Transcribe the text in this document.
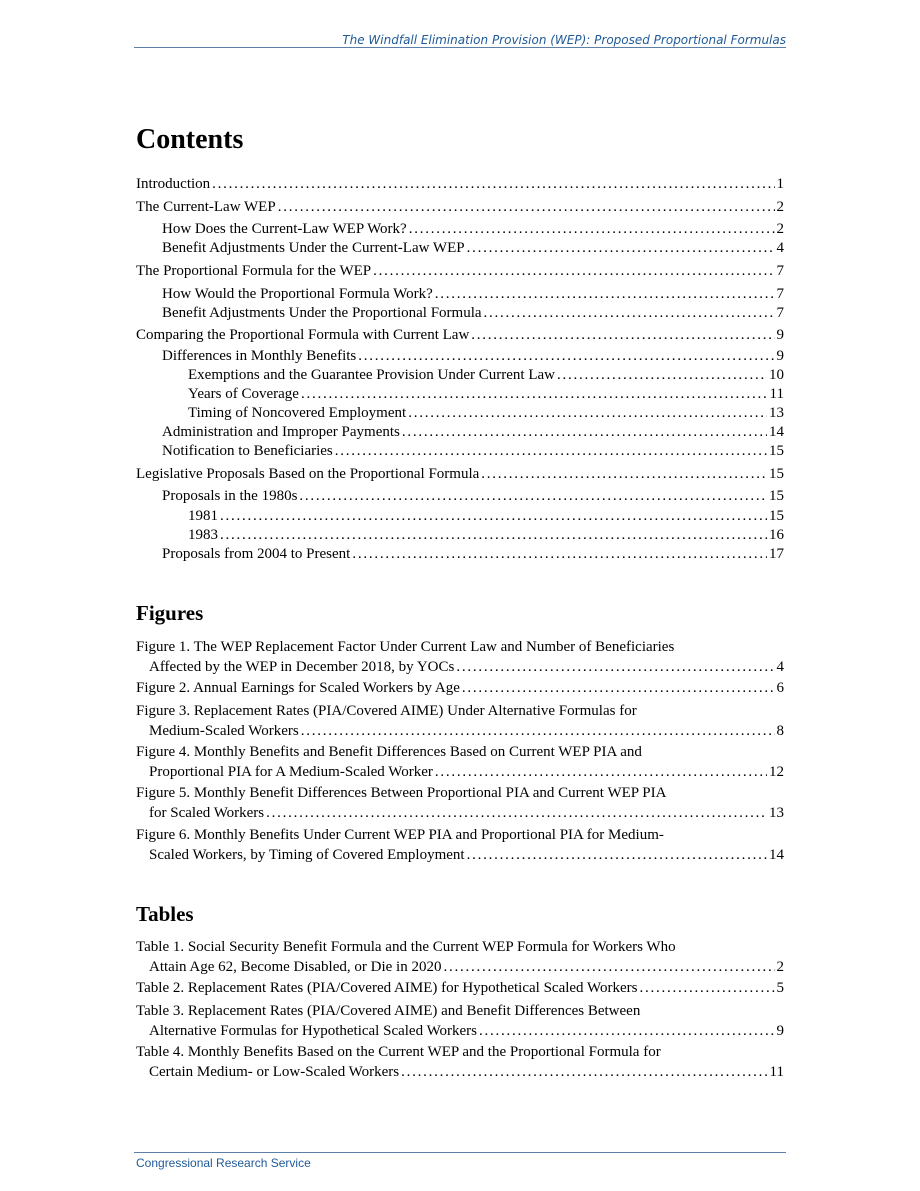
The Windfall Elimination Provision (WEP): Proposed Proportional Formulas
Contents
Introduction . . .	1
The Current-Law WEP . . .	2
How Does the Current-Law WEP Work? . . .	2
Benefit Adjustments Under the Current-Law WEP . . .	4
The Proportional Formula for the WEP . . .	7
How Would the Proportional Formula Work? . . .	7
Benefit Adjustments Under the Proportional Formula . . .	7
Comparing the Proportional Formula with Current Law . . .	9
Differences in Monthly Benefits . . .	9
Exemptions and the Guarantee Provision Under Current Law . . .	10
Years of Coverage . . .	11
Timing of Noncovered Employment . . .	13
Administration and Improper Payments . . .	14
Notification to Beneficiaries . . .	15
Legislative Proposals Based on the Proportional Formula . . .	15
Proposals in the 1980s . . .	15
1981 . . .	15
1983 . . .	16
Proposals from 2004 to Present . . .	17
Figures
Figure 1. The WEP Replacement Factor Under Current Law and Number of Beneficiaries
Affected by the WEP in December 2018, by YOCs . . .	4
Figure 2. Annual Earnings for Scaled Workers by Age . . .	6
Figure 3. Replacement Rates (PIA/Covered AIME) Under Alternative Formulas for
Medium-Scaled Workers . . .	8
Figure 4. Monthly Benefits and Benefit Differences Based on Current WEP PIA and
Proportional PIA for A Medium-Scaled Worker . . .	12
Figure 5. Monthly Benefit Differences Between Proportional PIA and Current WEP PIA
for Scaled Workers . . .	13
Figure 6. Monthly Benefits Under Current WEP PIA and Proportional PIA for Medium-
Scaled Workers, by Timing of Covered Employment . . .	14
Tables
Table 1. Social Security Benefit Formula and the Current WEP Formula for Workers Who
Attain Age 62, Become Disabled, or Die in 2020 . . .	2
Table 2. Replacement Rates (PIA/Covered AIME) for Hypothetical Scaled Workers . . .	5
Table 3. Replacement Rates (PIA/Covered AIME) and Benefit Differences Between
Alternative Formulas for Hypothetical Scaled Workers . . .	9
Table 4. Monthly Benefits Based on the Current WEP and the Proportional Formula for
Certain Medium- or Low-Scaled Workers . . .	11
Congressional Research Service
